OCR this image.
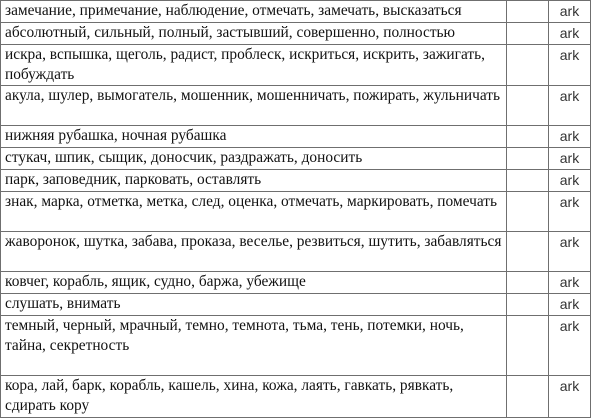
замечание, примечание, наблюдение, отмечать, замечать, высказаться		ark

абсолютный, сильный, полный, застывший, совершенно, полностью		ark

искра, вспышка, щеголь, радист, проблеск, искриться, искрить, зажигать, побуждать		ark

акула, шулер, вымогатель, мошенник, мошенничать, пожирать, жульничать		ark

нижняя рубашка, ночная рубашка		ark

стукач, шпик, сыщик, доносчик, раздражать, доносить		ark

парк, заповедник, парковать, оставлять		ark

знак, марка, отметка, метка, след, оценка, отмечать, маркировать, помечать		ark

жаворонок, шутка, забава, проказа, веселье, резвиться, шутить, забавляться		ark

ковчег, корабль, ящик, судно, баржа, убежище		ark

слушать, внимать		ark

темный, черный, мрачный, темно, темнота, тьма, тень, потемки, ночь, тайна, секретность		ark

кора, лай, барк, корабль, кашель, хина, кожа, лаять, гавкать, рявкать, сдирать кору		ark
